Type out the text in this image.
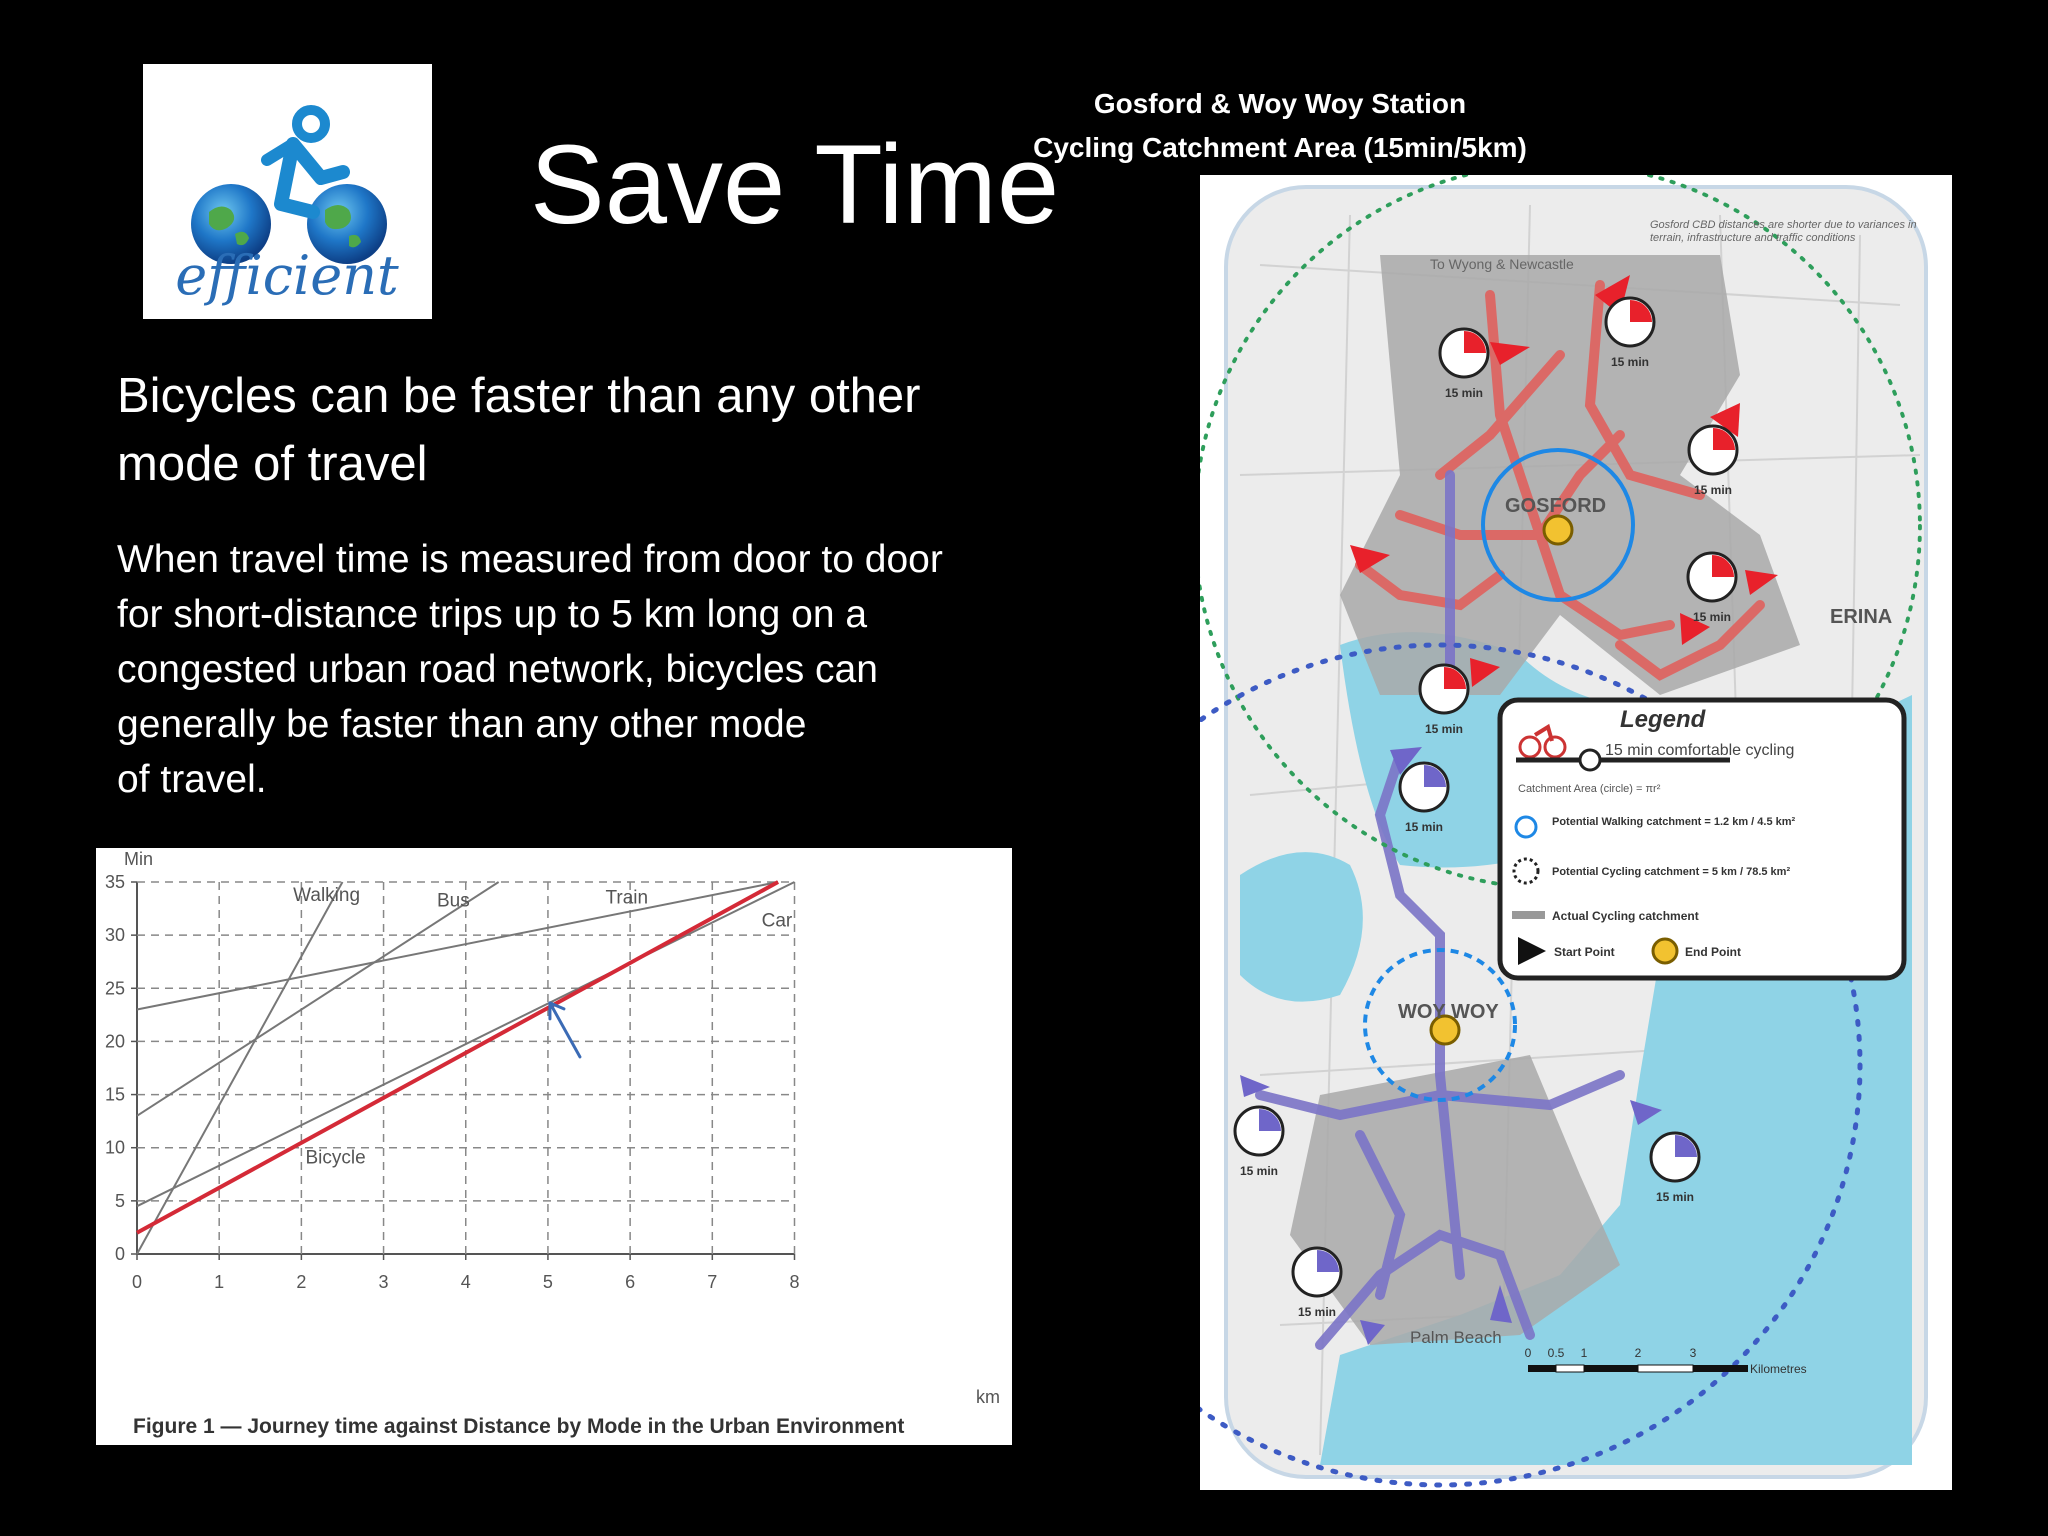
efficient
Save Time
Bicycles can be faster than any other mode of travel
When travel time is measured from door to door for short-distance trips up to 5 km long on a congested urban road network, bicycles can generally be faster than any other mode
of travel.
0	1	2	3	4	5	6	7	8
0
5
10
15
20
25
30
35
Walking	Bus	Train
Car
Bicycle
Min
km
Figure 1 — Journey time against Distance by Mode in the Urban Environment
Gosford & Woy Woy Station
Cycling Catchment Area (15min/5km)
GOSFORD
WOY WOY
ERINA
Palm Beach
To Wyong & Newcastle
Gosford CBD distances are shorter due to variances in terrain, infrastructure and traffic conditions
15 min
15 min
15 min
15 min
15 min
15 min
15 min
15 min
15 min
Legend
15 min comfortable cycling
Catchment Area (circle) = πr²
Potential Walking catchment = 1.2 km / 4.5 km²
Potential Cycling catchment = 5 km / 78.5 km²
Actual Cycling catchment
Start Point	End Point
0 0.5 1	2	3
Kilometres
